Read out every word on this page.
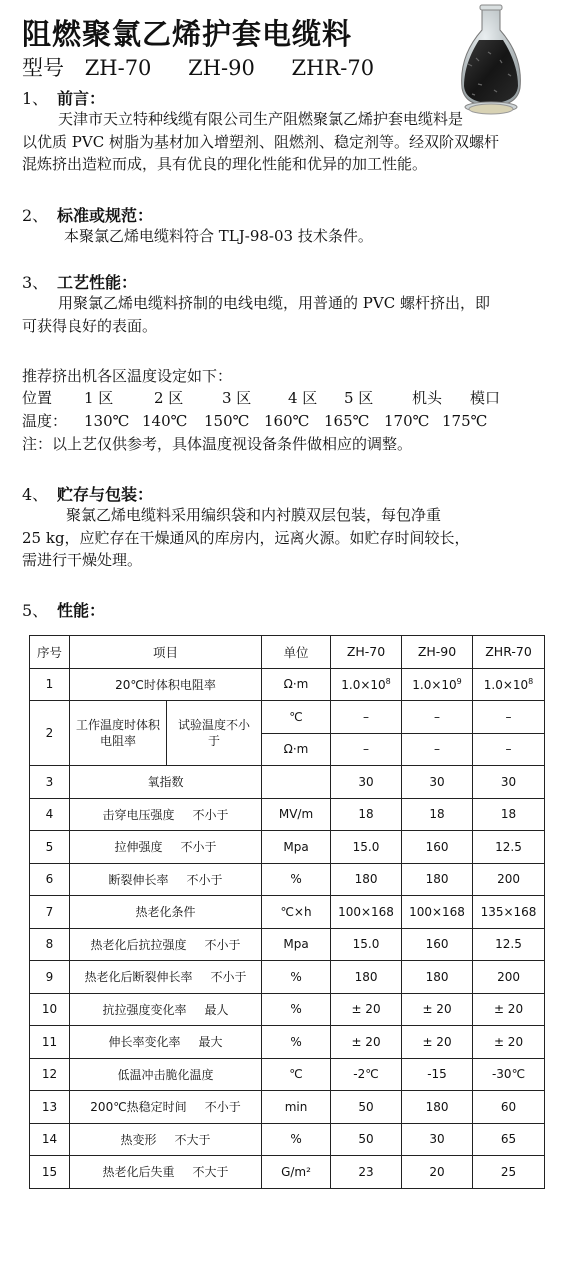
阻燃聚氯乙烯护套电缆料
型号 ZH-70 ZH-90 ZHR-70
1、 前言：
天津市天立特种线缆有限公司生产阻燃聚氯乙烯护套电缆料是
以优质 PVC 树脂为基材加入增塑剂、阻燃剂、稳定剂等。经双阶双螺杆
混炼挤出造粒而成，具有优良的理化性能和优异的加工性能。
2、 标准或规范：
本聚氯乙烯电缆料符合 TLJ-98-03 技术条件。
3、 工艺性能：
用聚氯乙烯电缆料挤制的电线电缆，用普通的 PVC 螺杆挤出，即
可获得良好的表面。
推荐挤出机各区温度设定如下：
位置 1 区	2 区	3 区 4 区 5 区	机头 模口
温度： 130℃ 140℃ 150℃ 160℃ 165℃ 170℃ 175℃
注：以上艺仅供参考，具体温度视设备条件做相应的调整。
4、 贮存与包装：
聚氯乙烯电缆料采用编织袋和内衬膜双层包装，每包净重
25 kg，应贮存在干燥通风的库房内，远离火源。如贮存时间较长，
需进行干燥处理。
5、 性能：
序号	项目		单位	ZH-70	ZH-90	ZHR-70
1	20℃时体积电阻率		Ω·m	$1.0\times 10^8$	$1.0\times 10^9$	$1.0\times 10^8$
2	工作温度时体积电阻率	试验温度不小于	℃	–	–	–
			Ω·m	–	–	–
3	氧指数			30	30	30
4	击穿电压强度 不小于		MV/m	18	18	18
5	拉伸强度 不小于		Mpa	15.0	160	12.5
6	断裂伸长率 不小于		%	180	180	200
7	热老化条件		℃×h	100×168	100×168	135×168
8	热老化后抗拉强度 不小于		Mpa	15.0	160	12.5
9	热老化后断裂伸长率 不小于		%	180	180	200
10	抗拉强度变化率 最人		%	± 20	± 20	± 20
11	伸长率变化率 最大		%	± 20	± 20	± 20
12	低温冲击脆化温度		℃	-2℃	-15	-30℃
13	200℃热稳定时间 不小于		min	50	180	60
14	热变形 不大于		%	50	30	65
15	热老化后失重 不大于		G/m²	23	20	25
